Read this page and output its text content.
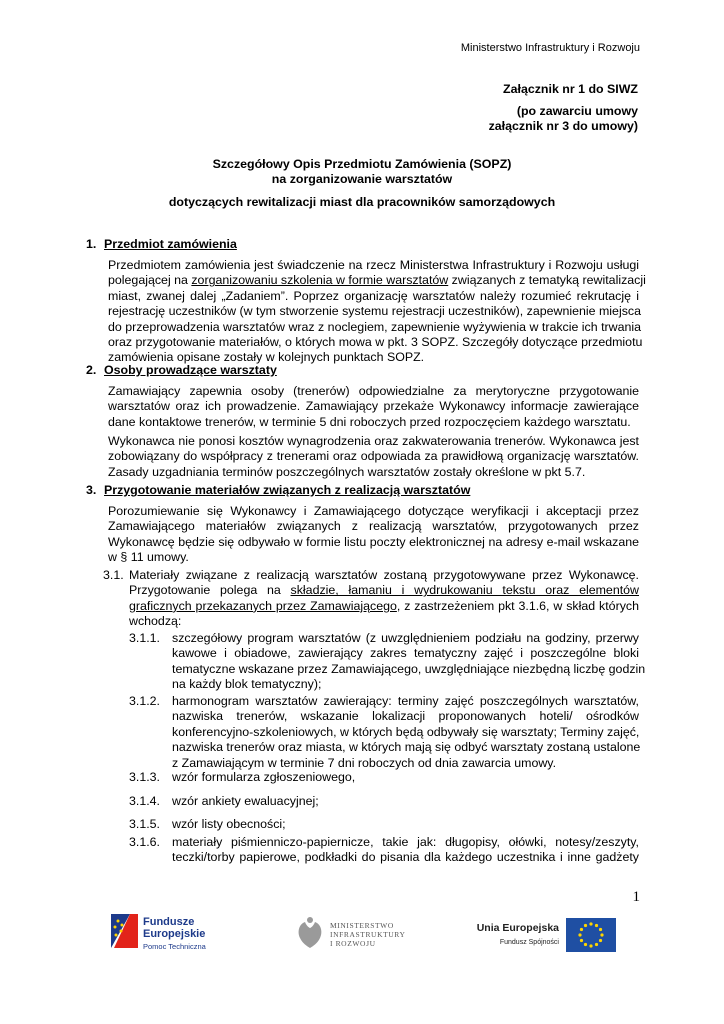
Ministerstwo Infrastruktury i Rozwoju
Załącznik nr 1 do SIWZ
(po zawarciu umowy
załącznik nr 3 do umowy)
Szczegółowy Opis Przedmiotu Zamówienia (SOPZ)
na zorganizowanie warsztatów
dotyczących rewitalizacji miast dla pracowników samorządowych
1. Przedmiot zamówienia
Przedmiotem zamówienia jest świadczenie na rzecz Ministerstwa Infrastruktury i Rozwoju usługi
polegającej na zorganizowaniu szkolenia w formie warsztatów związanych z tematyką rewitalizacji
miast, zwanej dalej „Zadaniem”. Poprzez organizację warsztatów należy rozumieć rekrutację i
rejestrację uczestników (w tym stworzenie systemu rejestracji uczestników), zapewnienie miejsca
do przeprowadzenia warsztatów wraz z noclegiem, zapewnienie wyżywienia w trakcie ich trwania
oraz przygotowanie materiałów, o których mowa w pkt. 3 SOPZ. Szczegóły dotyczące przedmiotu
zamówienia opisane zostały w kolejnych punktach SOPZ.
2. Osoby prowadzące warsztaty
Zamawiający zapewnia osoby (trenerów) odpowiedzialne za merytoryczne przygotowanie
warsztatów oraz ich prowadzenie. Zamawiający przekaże Wykonawcy informacje zawierające
dane kontaktowe trenerów, w terminie 5 dni roboczych przed rozpoczęciem każdego warsztatu.
Wykonawca nie ponosi kosztów wynagrodzenia oraz zakwaterowania trenerów. Wykonawca jest
zobowiązany do współpracy z trenerami oraz odpowiada za prawidłową organizację warsztatów.
Zasady uzgadniania terminów poszczególnych warsztatów zostały określone w pkt 5.7.
3. Przygotowanie materiałów związanych z realizacją warsztatów
Porozumiewanie się Wykonawcy i Zamawiającego dotyczące weryfikacji i akceptacji przez
Zamawiającego materiałów związanych z realizacją warsztatów, przygotowanych przez
Wykonawcę będzie się odbywało w formie listu poczty elektronicznej na adresy e-mail wskazane
w § 11 umowy.
3.1. Materiały związane z realizacją warsztatów zostaną przygotowywane przez Wykonawcę.
Przygotowanie polega na składzie, łamaniu i wydrukowaniu tekstu oraz elementów
graficznych przekazanych przez Zamawiającego, z zastrzeżeniem pkt 3.1.6, w skład których
wchodzą:
3.1.1. szczegółowy program warsztatów (z uwzględnieniem podziału na godziny, przerwy
kawowe i obiadowe, zawierający zakres tematyczny zajęć i poszczególne bloki
tematyczne wskazane przez Zamawiającego, uwzględniające niezbędną liczbę godzin
na każdy blok tematyczny);
3.1.2. harmonogram warsztatów zawierający: terminy zajęć poszczególnych warsztatów,
nazwiska trenerów, wskazanie lokalizacji proponowanych hoteli/ ośrodków
konferencyjno-szkoleniowych, w których będą odbywały się warsztaty; Terminy zajęć,
nazwiska trenerów oraz miasta, w których mają się odbyć warsztaty zostaną ustalone
z Zamawiającym w terminie 7 dni roboczych od dnia zawarcia umowy.
3.1.3. wzór formularza zgłoszeniowego,
3.1.4. wzór ankiety ewaluacyjnej;
3.1.5. wzór listy obecności;
3.1.6. materiały piśmienniczo-papiernicze, takie jak: długopisy, ołówki, notesy/zeszyty,
teczki/torby papierowe, podkładki do pisania dla każdego uczestnika i inne gadżety
1
Fundusze
Europejskie
Pomoc Techniczna
MINISTERSTWO
INFRASTRUKTURY
I ROZWOJU
Unia Europejska
Fundusz Spójności
